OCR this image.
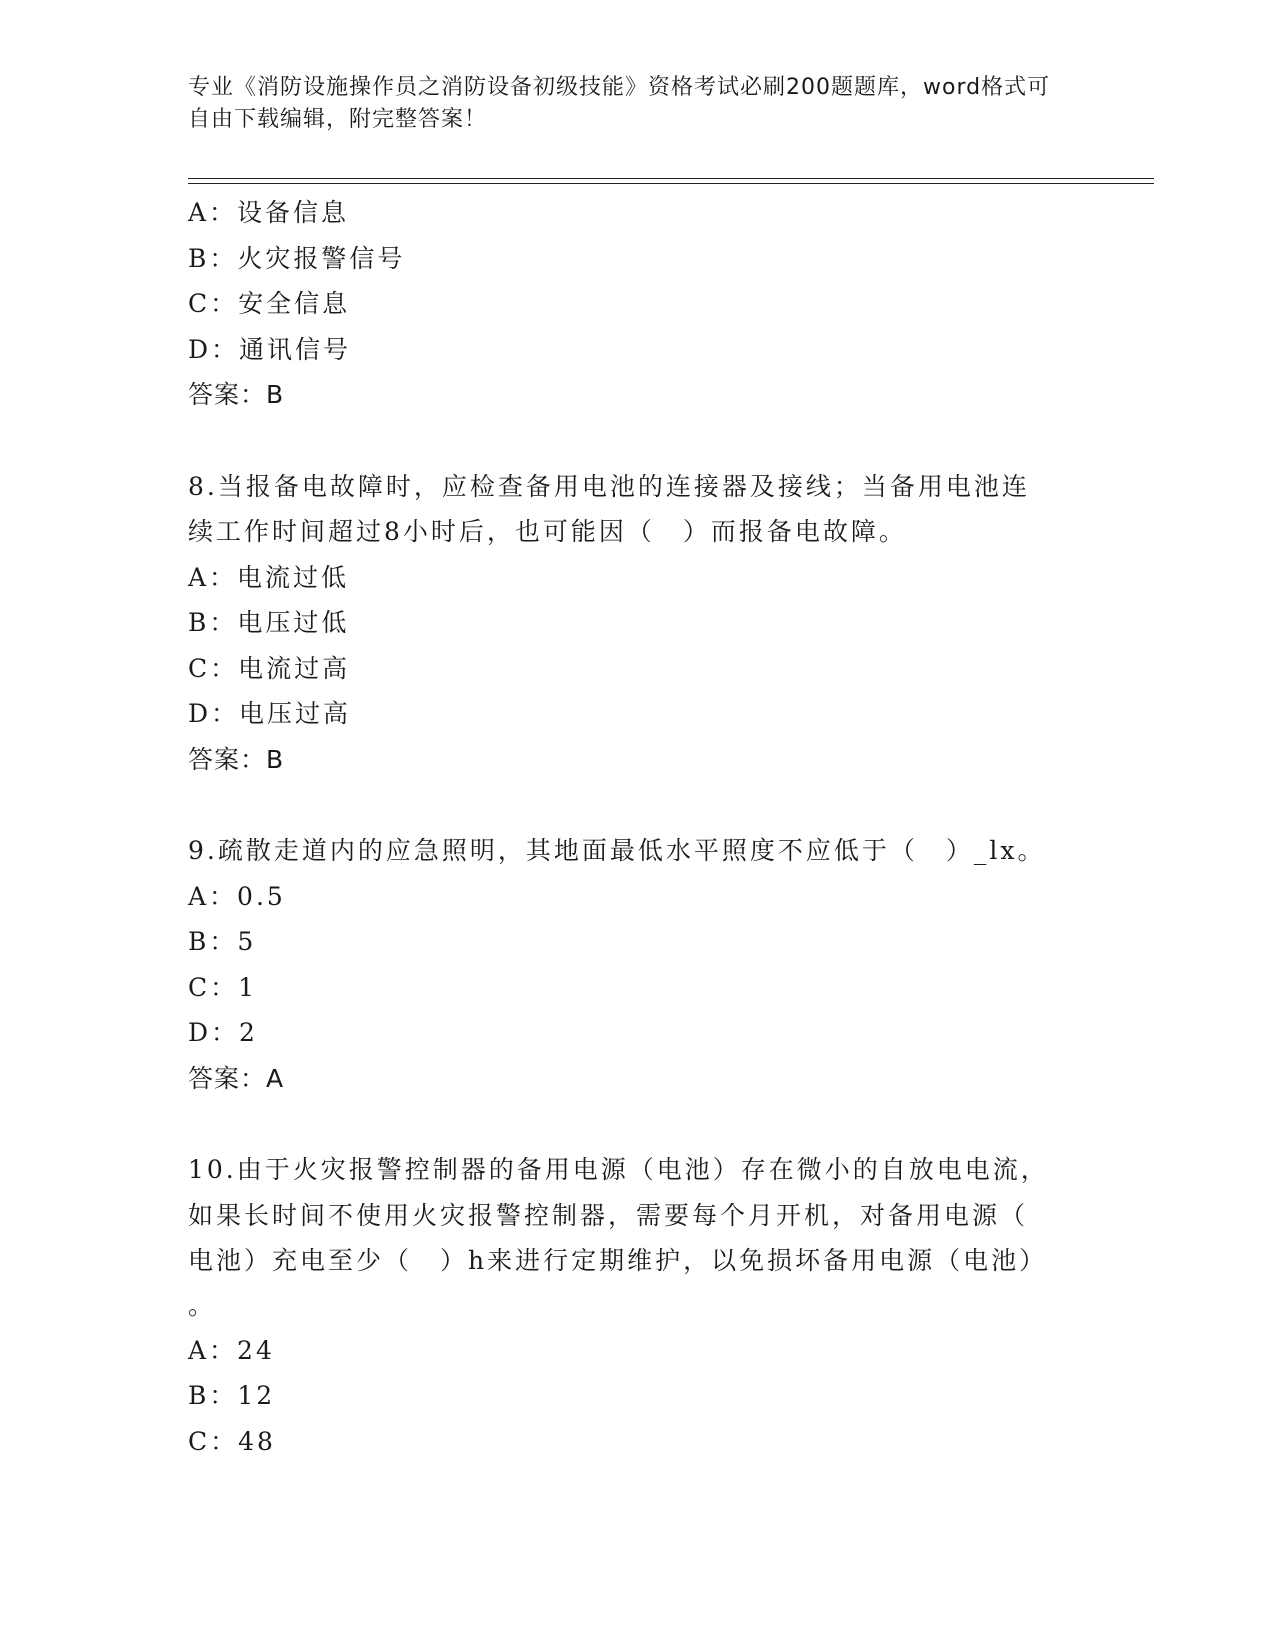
专业《消防设施操作员之消防设备初级技能》资格考试必刷200题题库，word格式可自由下载编辑，附完整答案！
A：设备信息
B：火灾报警信号
C：安全信息
D：通讯信号
答案：B
8.当报备电故障时，应检查备用电池的连接器及接线；当备用电池连
续工作时间超过8小时后，也可能因（　）而报备电故障。
A：电流过低
B：电压过低
C：电流过高
D：电压过高
答案：B
9.疏散走道内的应急照明，其地面最低水平照度不应低于（　）_lx。
A：0.5
B：5
C：1
D：2
答案：A
10.由于火灾报警控制器的备用电源（电池）存在微小的自放电电流，
如果长时间不使用火灾报警控制器，需要每个月开机，对备用电源（
电池）充电至少（　）h来进行定期维护，以免损坏备用电源（电池）
。
A：24
B：12
C：48
